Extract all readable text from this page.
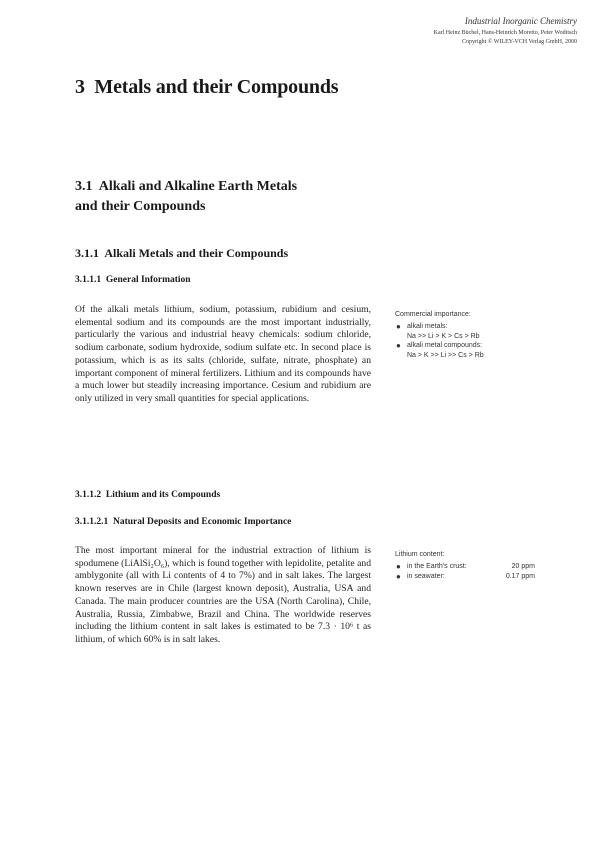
Industrial Inorganic Chemistry
Karl Heinz Büchel, Hans-Heinrich Moretto, Peter Woditsch
Copyright © WILEY-VCH Verlag GmbH, 2000
3 Metals and their Compounds
3.1 Alkali and Alkaline Earth Metals
and their Compounds
3.1.1 Alkali Metals and their Compounds
3.1.1.1 General Information
Of the alkali metals lithium, sodium, potassium, rubidium and cesium, elemental sodium and its compounds are the most important industrially, particularly the various and industrial heavy chemicals: sodium chloride, sodium carbonate, sodium hydroxide, sodium sulfate etc. In second place is potassium, which is as its salts (chloride, sulfate, nitrate, phosphate) an important component of mineral fertilizers. Lithium and its compounds have a much lower but steadily increasing importance. Cesium and rubidium are only utilized in very small quantities for special applications.
Commercial importance:
● alkali metals:
Na >> Li > K > Cs > Rb
● alkali metal compounds:
Na > K >> Li >> Cs > Rb
3.1.1.2 Lithium and its Compounds
3.1.1.2.1 Natural Deposits and Economic Importance
The most important mineral for the industrial extraction of lithium is spodumene (LiAlSi₂O₆), which is found together with lepidolite, petalite and amblygonite (all with Li contents of 4 to 7%) and in salt lakes. The largest known reserves are in Chile (largest known deposit), Australia, USA and Canada. The main producer countries are the USA (North Carolina), Chile, Australia, Russia, Zimbabwe, Brazil and China. The worldwide reserves including the lithium content in salt lakes is estimated to be 7.3 · 10⁶ t as lithium, of which 60% is in salt lakes.
Lithium content:
● in the Earth's crust:	20 ppm
● in seawater:	0.17 ppm
